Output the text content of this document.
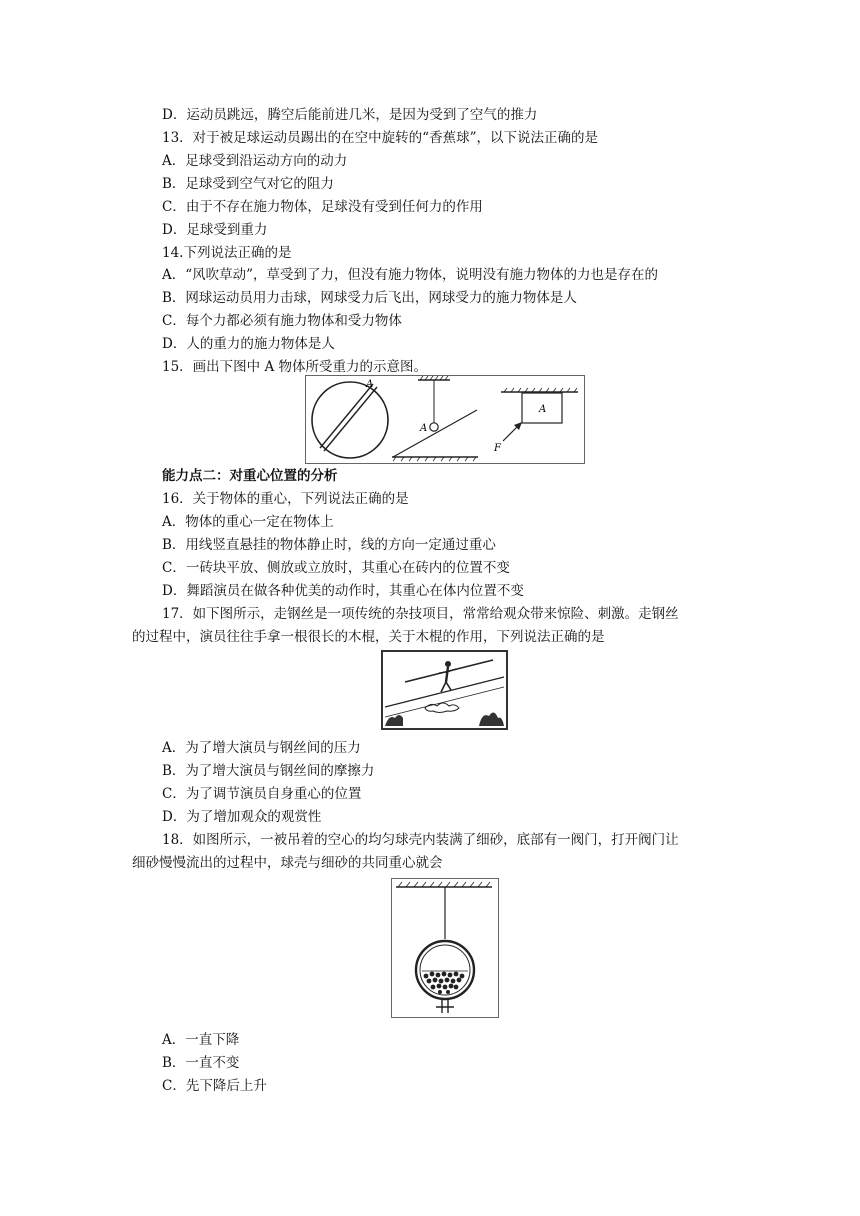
D．运动员跳远，腾空后能前进几米，是因为受到了空气的推力
13．对于被足球运动员踢出的在空中旋转的“香蕉球”，以下说法正确的是
A．足球受到沿运动方向的动力
B．足球受到空气对它的阻力
C．由于不存在施力物体，足球没有受到任何力的作用
D．足球受到重力
14.下列说法正确的是
A．“风吹草动”，草受到了力，但没有施力物体，说明没有施力物体的力也是存在的
B．网球运动员用力击球，网球受力后飞出，网球受力的施力物体是人
C．每个力都必须有施力物体和受力物体
D．人的重力的施力物体是人
15．画出下图中 A 物体所受重力的示意图。
A
A
A
F
能力点二：对重心位置的分析
16．关于物体的重心，下列说法正确的是
A．物体的重心一定在物体上
B．用线竖直悬挂的物体静止时，线的方向一定通过重心
C．一砖块平放、侧放或立放时，其重心在砖内的位置不变
D．舞蹈演员在做各种优美的动作时，其重心在体内位置不变
17．如下图所示，走钢丝是一项传统的杂技项目，常常给观众带来惊险、刺激。走钢丝
的过程中，演员往往手拿一根很长的木棍，关于木棍的作用，下列说法正确的是
A．为了增大演员与钢丝间的压力
B．为了增大演员与钢丝间的摩擦力
C．为了调节演员自身重心的位置
D．为了增加观众的观赏性
18．如图所示，一被吊着的空心的均匀球壳内装满了细砂，底部有一阀门，打开阀门让
细砂慢慢流出的过程中，球壳与细砂的共同重心就会
A．一直下降
B．一直不变
C．先下降后上升
